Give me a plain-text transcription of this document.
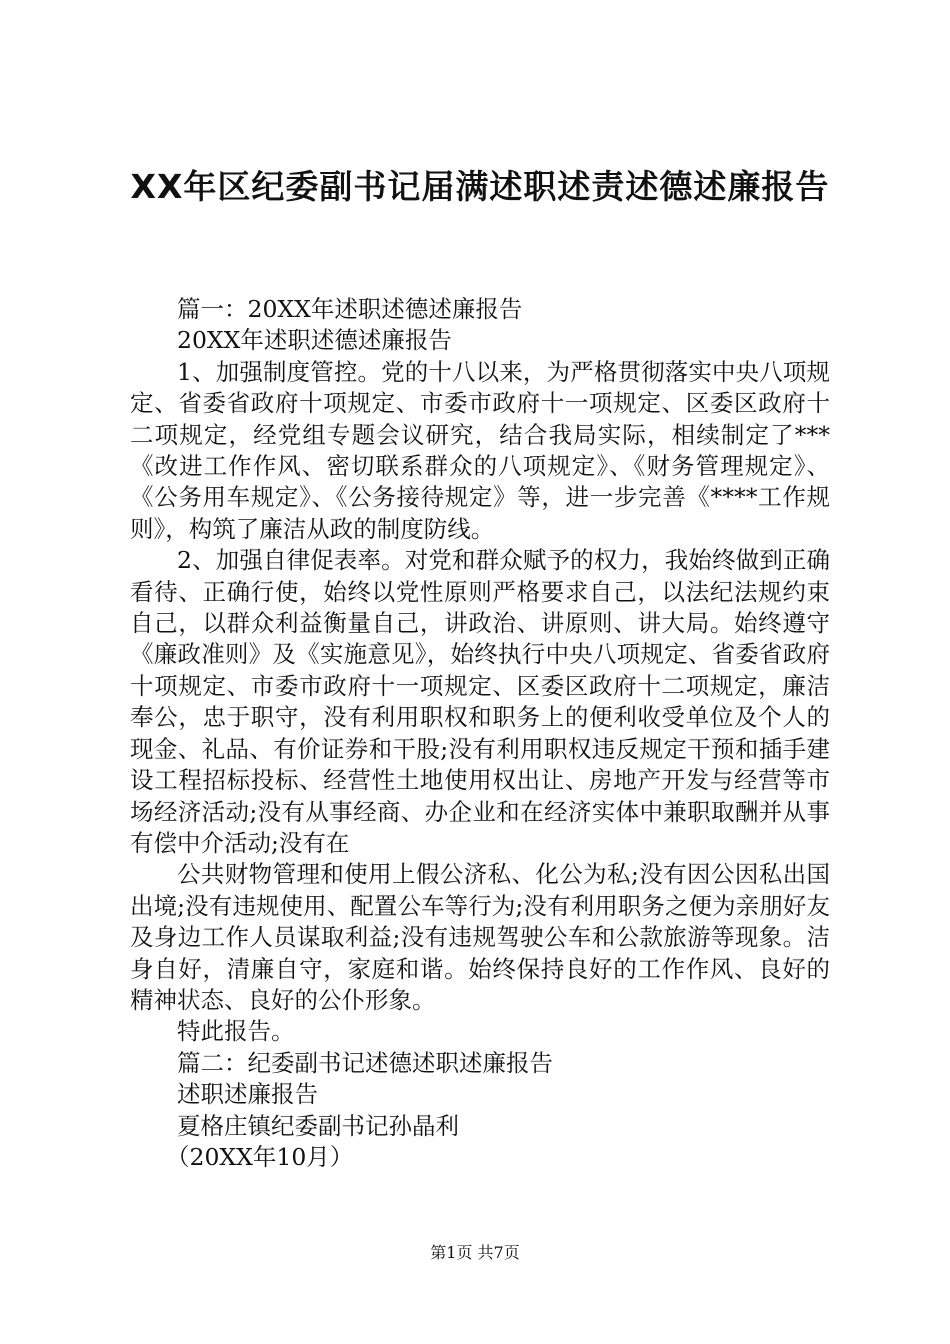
XX年区纪委副书记届满述职述责述德述廉报告

篇一：20XX年述职述德述廉报告

20XX年述职述德述廉报告

1、加强制度管控。党的十八以来，为严格贯彻落实中央八项规定、省委省政府十项规定、市委市政府十一项规定、区委区政府十二项规定，经党组专题会议研究，结合我局实际，相续制定了***《改进工作作风、密切联系群众的八项规定》、《财务管理规定》、《公务用车规定》、《公务接待规定》等，进一步完善《****工作规则》，构筑了廉洁从政的制度防线。

2、加强自律促表率。对党和群众赋予的权力，我始终做到正确看待、正确行使，始终以党性原则严格要求自己，以法纪法规约束自己，以群众利益衡量自己，讲政治、讲原则、讲大局。始终遵守《廉政准则》及《实施意见》，始终执行中央八项规定、省委省政府十项规定、市委市政府十一项规定、区委区政府十二项规定，廉洁奉公，忠于职守，没有利用职权和职务上的便利收受单位及个人的现金、礼品、有价证券和干股;没有利用职权违反规定干预和插手建设工程招标投标、经营性土地使用权出让、房地产开发与经营等市场经济活动;没有从事经商、办企业和在经济实体中兼职取酬并从事有偿中介活动;没有在

公共财物管理和使用上假公济私、化公为私;没有因公因私出国出境;没有违规使用、配置公车等行为;没有利用职务之便为亲朋好友及身边工作人员谋取利益;没有违规驾驶公车和公款旅游等现象。洁身自好，清廉自守，家庭和谐。始终保持良好的工作作风、良好的精神状态、良好的公仆形象。

特此报告。

篇二：纪委副书记述德述职述廉报告

述职述廉报告

夏格庄镇纪委副书记孙晶利

（20XX年10月）

第1页 共7页
